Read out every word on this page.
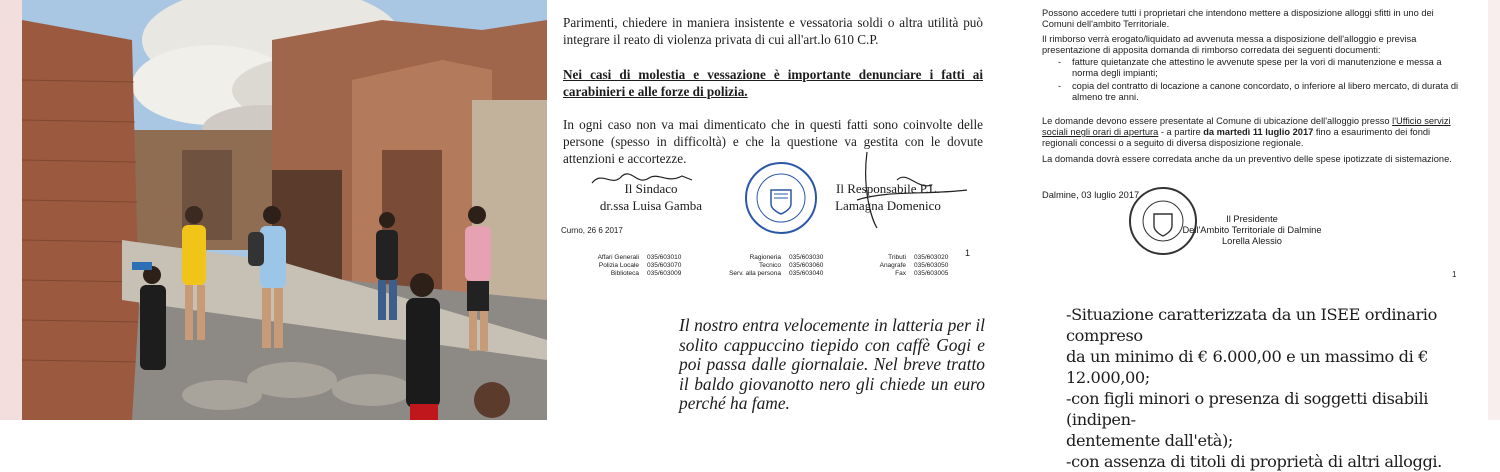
Parimenti, chiedere in maniera insistente e vessatoria soldi o altra utilità può integrare il reato di violenza privata di cui all'art.lo 610 C.P.
Nei casi di molestia e vessazione è importante denunciare i fatti ai carabinieri e alle forze di polizia.
In ogni caso non va mai dimenticato che in questi fatti sono coinvolte delle persone (spesso in difficoltà) e che la questione va gestita con le dovute attenzioni e accortezze.
Il Sindaco
dr.ssa Luisa Gamba
Il Responsabile P.L.
Lamagna Domenico
Curno, 26 6 2017
1
Affari Generali 035/603010
Polizia Locale 035/603070
Biblioteca 035/603009
Ragioneria 035/603030
Tecnico 035/603060
Serv. alla persona 035/603040
Tributi 035/603020
Anagrafe 035/603050
Fax 035/603005
Il nostro entra velocemente in latteria per il solito cappuccino tiepido con caffè Gogi e poi passa dalle giornalaie. Nel breve tratto il baldo giovanotto nero gli chiede un euro perché ha fame.
Possono accedere tutti i proprietari che intendono mettere a disposizione alloggi sfitti in uno dei Comuni dell'ambito Territoriale.
Il rimborso verrà erogato/liquidato ad avvenuta messa a disposizione dell'alloggio e previsa presentazione di apposita domanda di rimborso corredata dei seguenti documenti:
- fatture quietanzate che attestino le avvenute spese per la vori di manutenzione e messa a norma degli impianti;
- copia del contratto di locazione a canone concordato, o inferiore al libero mercato, di durata di almeno tre anni.
Le domande devono essere presentate al Comune di ubicazione dell'alloggio presso l'Ufficio servizi sociali negli orari di apertura - a partire da martedì 11 luglio 2017 fino a esaurimento dei fondi regionali concessi o a seguito di diversa disposizione regionale.
La domanda dovrà essere corredata anche da un preventivo delle spese ipotizzate di sistemazione.
Dalmine, 03 luglio 2017
Il Presidente
Dell'Ambito Territoriale di Dalmine
Lorella Alessio
1
-Situazione caratterizzata da un ISEE ordinario compreso
da un minimo di € 6.000,00 e un massimo di € 12.000,00;
-con figli minori o presenza di soggetti disabili (indipen-
dentemente dall'età);
-con assenza di titoli di proprietà di altri alloggi.
